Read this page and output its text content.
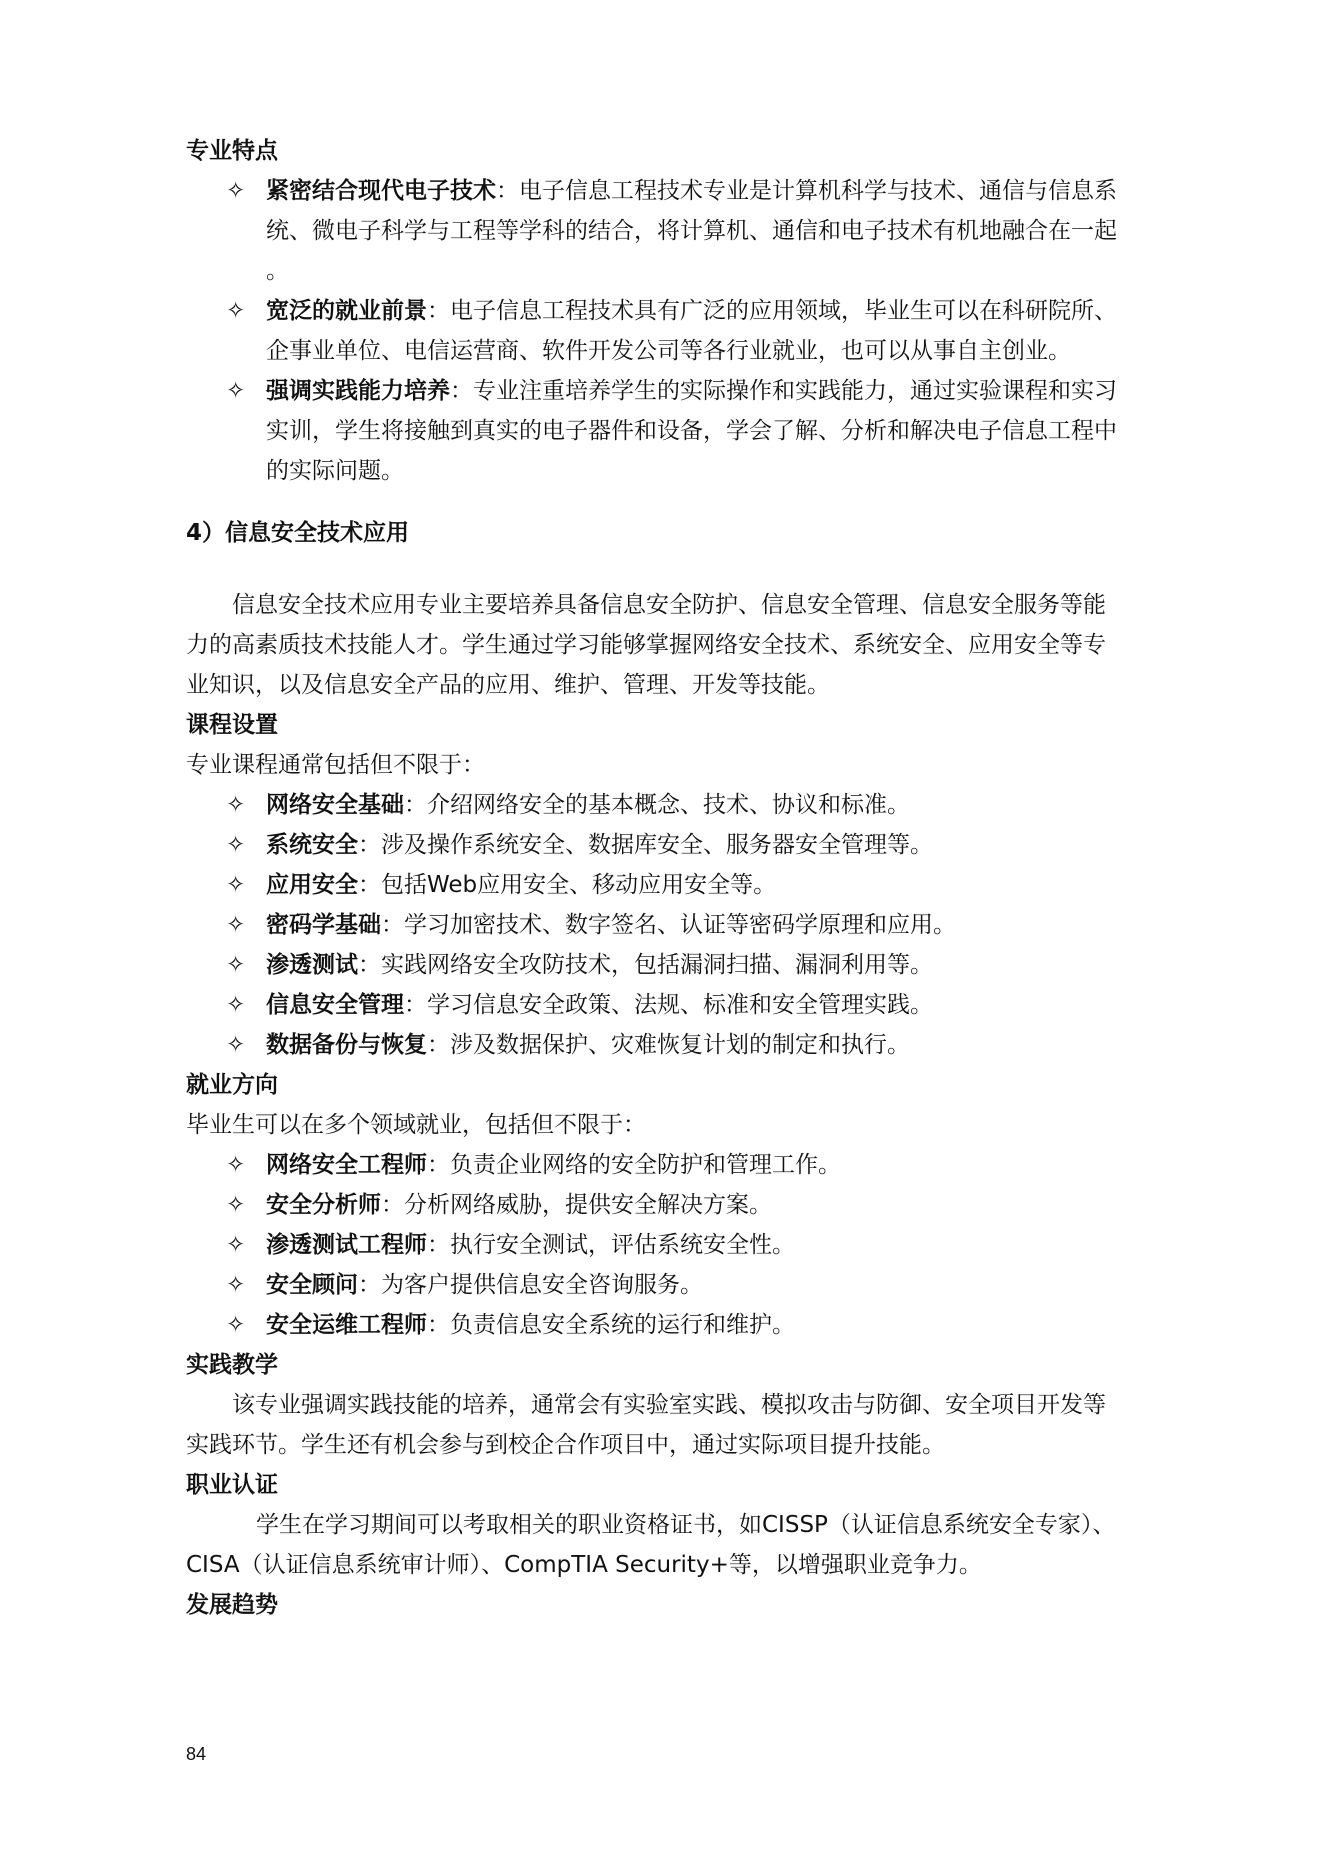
专业特点
✧ 紧密结合现代电子技术：电子信息工程技术专业是计算机科学与技术、通信与信息系
统、微电子科学与工程等学科的结合，将计算机、通信和电子技术有机地融合在一起
。
✧ 宽泛的就业前景：电子信息工程技术具有广泛的应用领域，毕业生可以在科研院所、
企事业单位、电信运营商、软件开发公司等各行业就业，也可以从事自主创业。
✧ 强调实践能力培养：专业注重培养学生的实际操作和实践能力，通过实验课程和实习
实训，学生将接触到真实的电子器件和设备，学会了解、分析和解决电子信息工程中
的实际问题。
4）信息安全技术应用
信息安全技术应用专业主要培养具备信息安全防护、信息安全管理、信息安全服务等能
力的高素质技术技能人才。学生通过学习能够掌握网络安全技术、系统安全、应用安全等专
业知识，以及信息安全产品的应用、维护、管理、开发等技能。
课程设置
专业课程通常包括但不限于：
✧ 网络安全基础：介绍网络安全的基本概念、技术、协议和标准。
✧ 系统安全：涉及操作系统安全、数据库安全、服务器安全管理等。
✧ 应用安全：包括Web应用安全、移动应用安全等。
✧ 密码学基础：学习加密技术、数字签名、认证等密码学原理和应用。
✧ 渗透测试：实践网络安全攻防技术，包括漏洞扫描、漏洞利用等。
✧ 信息安全管理：学习信息安全政策、法规、标准和安全管理实践。
✧ 数据备份与恢复：涉及数据保护、灾难恢复计划的制定和执行。
就业方向
毕业生可以在多个领域就业，包括但不限于：
✧ 网络安全工程师：负责企业网络的安全防护和管理工作。
✧ 安全分析师：分析网络威胁，提供安全解决方案。
✧ 渗透测试工程师：执行安全测试，评估系统安全性。
✧ 安全顾问：为客户提供信息安全咨询服务。
✧ 安全运维工程师：负责信息安全系统的运行和维护。
实践教学
该专业强调实践技能的培养，通常会有实验室实践、模拟攻击与防御、安全项目开发等
实践环节。学生还有机会参与到校企合作项目中，通过实际项目提升技能。
职业认证
学生在学习期间可以考取相关的职业资格证书，如CISSP（认证信息系统安全专家）、
CISA（认证信息系统审计师）、CompTIA Security+等，以增强职业竞争力。
发展趋势
84
